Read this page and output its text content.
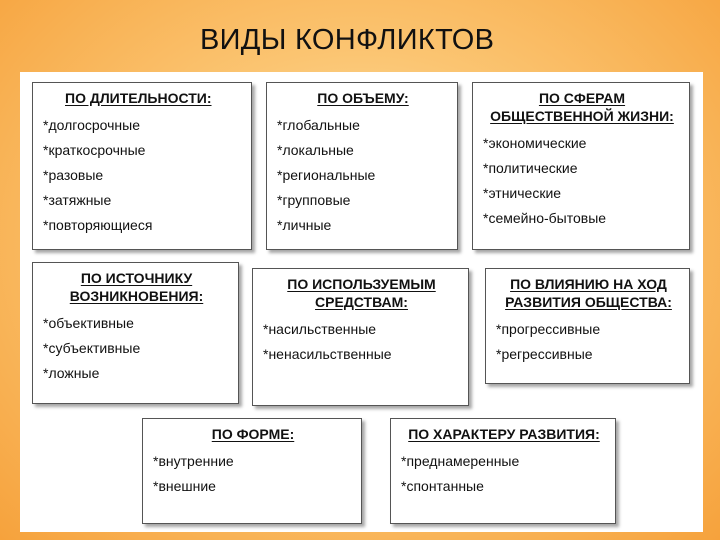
ВИДЫ КОНФЛИКТОВ
ПО ДЛИТЕЛЬНОСТИ:
*долгосрочные
*краткосрочные
*разовые
*затяжные
*повторяющиеся
ПО ОБЪЕМУ:
*глобальные
*локальные
*региональные
*групповые
*личные
ПО СФЕРАМ
ОБЩЕСТВЕННОЙ ЖИЗНИ:
*экономические
*политические
*этнические
*семейно-бытовые
ПО ИСТОЧНИКУ
ВОЗНИКНОВЕНИЯ:
*объективные
*субъективные
*ложные
ПО ИСПОЛЬЗУЕМЫМ
СРЕДСТВАМ:
*насильственные
*ненасильственные
ПО ВЛИЯНИЮ НА ХОД
РАЗВИТИЯ ОБЩЕСТВА:
*прогрессивные
*регрессивные
ПО ФОРМЕ:
*внутренние
*внешние
ПО ХАРАКТЕРУ РАЗВИТИЯ:
*преднамеренные
*спонтанные
